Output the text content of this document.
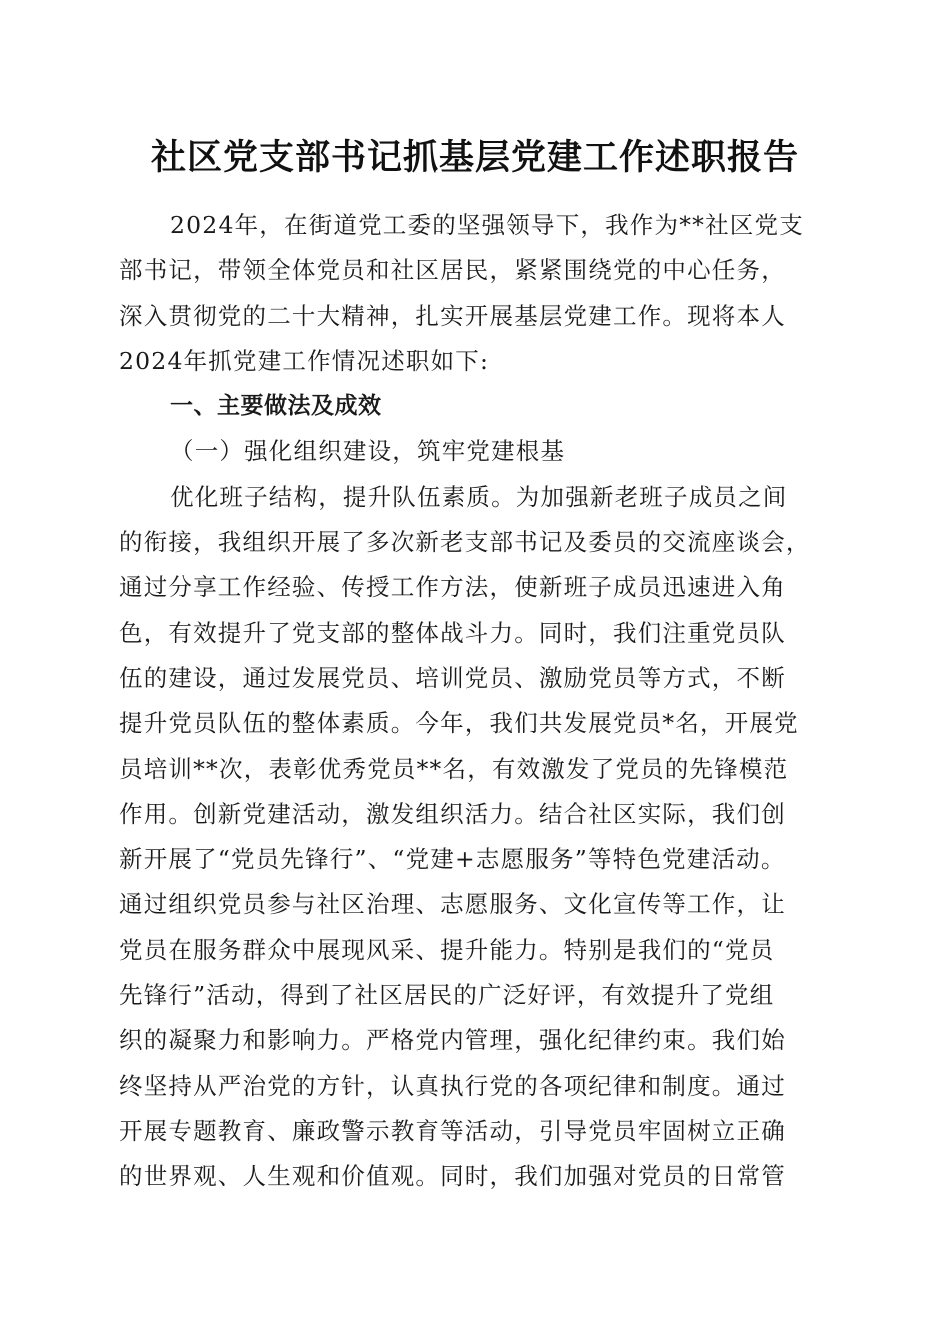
社区党支部书记抓基层党建工作述职报告
2024年，在街道党工委的坚强领导下，我作为**社区党支
部书记，带领全体党员和社区居民，紧紧围绕党的中心任务，
深入贯彻党的二十大精神，扎实开展基层党建工作。现将本人
2024年抓党建工作情况述职如下:
一、主要做法及成效
（一）强化组织建设，筑牢党建根基
优化班子结构，提升队伍素质。为加强新老班子成员之间
的衔接，我组织开展了多次新老支部书记及委员的交流座谈会，
通过分享工作经验、传授工作方法，使新班子成员迅速进入角
色，有效提升了党支部的整体战斗力。同时，我们注重党员队
伍的建设，通过发展党员、培训党员、激励党员等方式，不断
提升党员队伍的整体素质。今年，我们共发展党员*名，开展党
员培训**次，表彰优秀党员**名，有效激发了党员的先锋模范
作用。创新党建活动，激发组织活力。结合社区实际，我们创
新开展了“党员先锋行”、“党建+志愿服务”等特色党建活动。
通过组织党员参与社区治理、志愿服务、文化宣传等工作，让
党员在服务群众中展现风采、提升能力。特别是我们的“党员
先锋行”活动，得到了社区居民的广泛好评，有效提升了党组
织的凝聚力和影响力。严格党内管理，强化纪律约束。我们始
终坚持从严治党的方针，认真执行党的各项纪律和制度。通过
开展专题教育、廉政警示教育等活动，引导党员牢固树立正确
的世界观、人生观和价值观。同时，我们加强对党员的日常管
